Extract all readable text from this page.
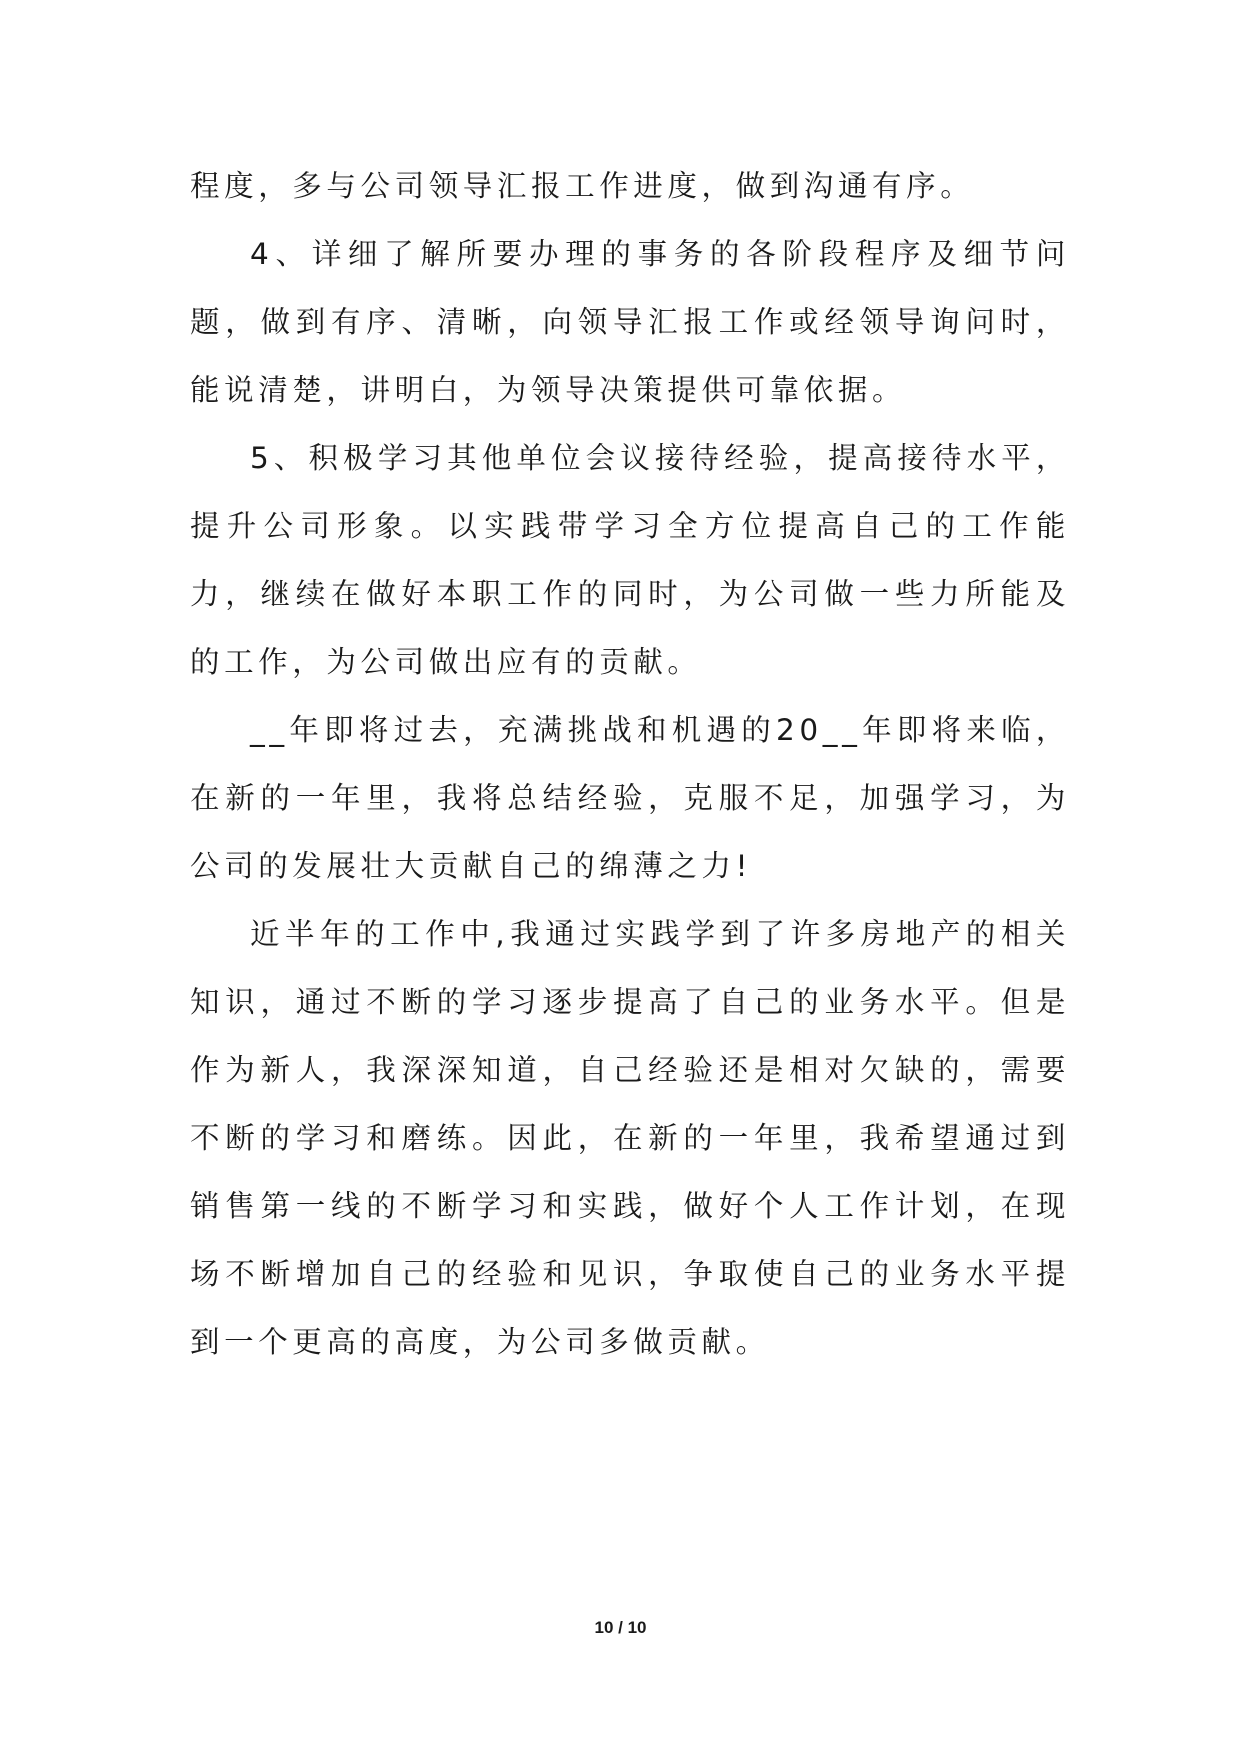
程度，多与公司领导汇报工作进度，做到沟通有序。

4、详细了解所要办理的事务的各阶段程序及细节问题，做到有序、清晰，向领导汇报工作或经领导询问时，能说清楚，讲明白，为领导决策提供可靠依据。

5、积极学习其他单位会议接待经验，提高接待水平，提升公司形象。以实践带学习全方位提高自己的工作能力，继续在做好本职工作的同时，为公司做一些力所能及的工作，为公司做出应有的贡献。

__年即将过去，充满挑战和机遇的20__年即将来临，在新的一年里，我将总结经验，克服不足，加强学习，为公司的发展壮大贡献自己的绵薄之力!

近半年的工作中,我通过实践学到了许多房地产的相关知识，通过不断的学习逐步提高了自己的业务水平。但是作为新人，我深深知道，自己经验还是相对欠缺的，需要不断的学习和磨练。因此，在新的一年里，我希望通过到销售第一线的不断学习和实践，做好个人工作计划，在现场不断增加自己的经验和见识，争取使自己的业务水平提到一个更高的高度，为公司多做贡献。

10 / 10
